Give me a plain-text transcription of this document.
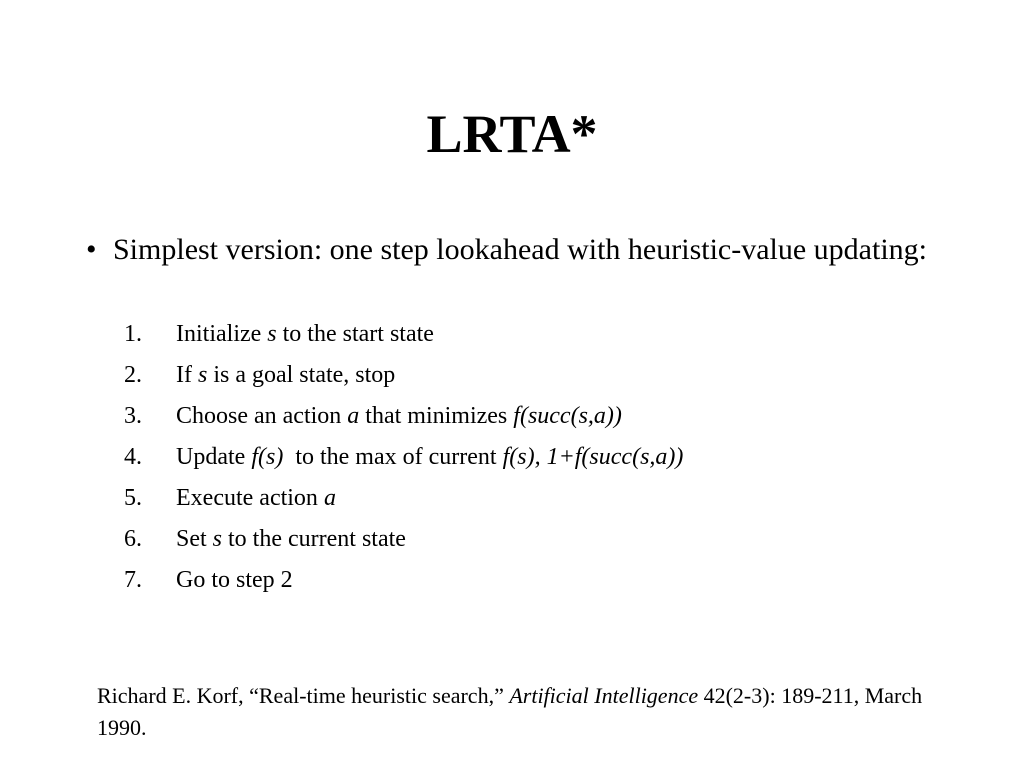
LRTA*
• Simplest version: one step lookahead with heuristic-value updating:
1.	Initialize s to the start state
2.	If s is a goal state, stop
3.	Choose an action a that minimizes f(succ(s,a))
4.	Update f(s)  to the max of current f(s), 1+f(succ(s,a))
5.	Execute action a
6.	Set s to the current state
7.	Go to step 2
Richard E. Korf, “Real-time heuristic search,” Artificial Intelligence 42(2-3): 189-211, March 1990.
